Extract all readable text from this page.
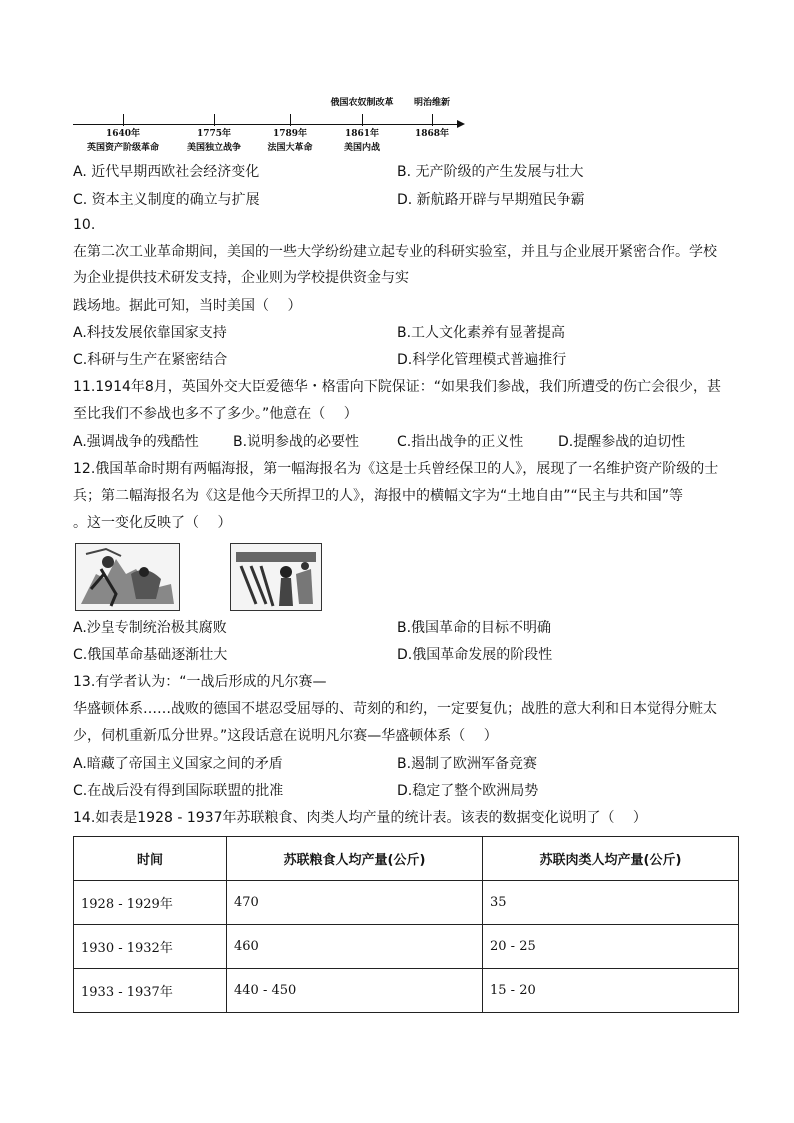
俄国农奴制改革 明治维新
1640年
英国资产阶级革命
1775年
美国独立战争
1789年
法国大革命
1861年
美国内战
1868年
A. 近代早期西欧社会经济变化	B. 无产阶级的产生发展与壮大
C. 资本主义制度的确立与扩展	D. 新航路开辟与早期殖民争霸
10.
在第二次工业革命期间，美国的一些大学纷纷建立起专业的科研实验室，并且与企业展开紧密合作。学校
为企业提供技术研发支持，企业则为学校提供资金与实
践场地。据此可知，当时美国（　 ）
A.科技发展依靠国家支持	B.工人文化素养有显著提高
C.科研与生产在紧密结合	D.科学化管理模式普遍推行
11.1914年8月，英国外交大臣爱德华・格雷向下院保证：“如果我们参战，我们所遭受的伤亡会很少，甚
至比我们不参战也多不了多少。”他意在（　 ）
A.强调战争的残酷性 B.说明参战的必要性	C.指出战争的正义性 D.提醒参战的迫切性
12.俄国革命时期有两幅海报，第一幅海报名为《这是士兵曾经保卫的人》，展现了一名维护资产阶级的士
兵；第二幅海报名为《这是他今天所捍卫的人》，海报中的横幅文字为“土地自由”“民主与共和国”等
。这一变化反映了（　 ）
A.沙皇专制统治极其腐败	B.俄国革命的目标不明确
C.俄国革命基础逐渐壮大	D.俄国革命发展的阶段性
13.有学者认为：“一战后形成的凡尔赛—
华盛顿体系……战败的德国不堪忍受屈辱的、苛刻的和约，一定要复仇；战胜的意大利和日本觉得分赃太
少，伺机重新瓜分世界。”这段话意在说明凡尔赛—华盛顿体系（　 ）
A.暗藏了帝国主义国家之间的矛盾	B.遏制了欧洲军备竞赛
C.在战后没有得到国际联盟的批准	D.稳定了整个欧洲局势
14.如表是1928 - 1937年苏联粮食、肉类人均产量的统计表。该表的数据变化说明了（　 ）
时间	苏联粮食人均产量(公斤)	苏联肉类人均产量(公斤)
1928 - 1929年	470	35
1930 - 1932年	460	20 - 25
1933 - 1937年	440 - 450	15 - 20
